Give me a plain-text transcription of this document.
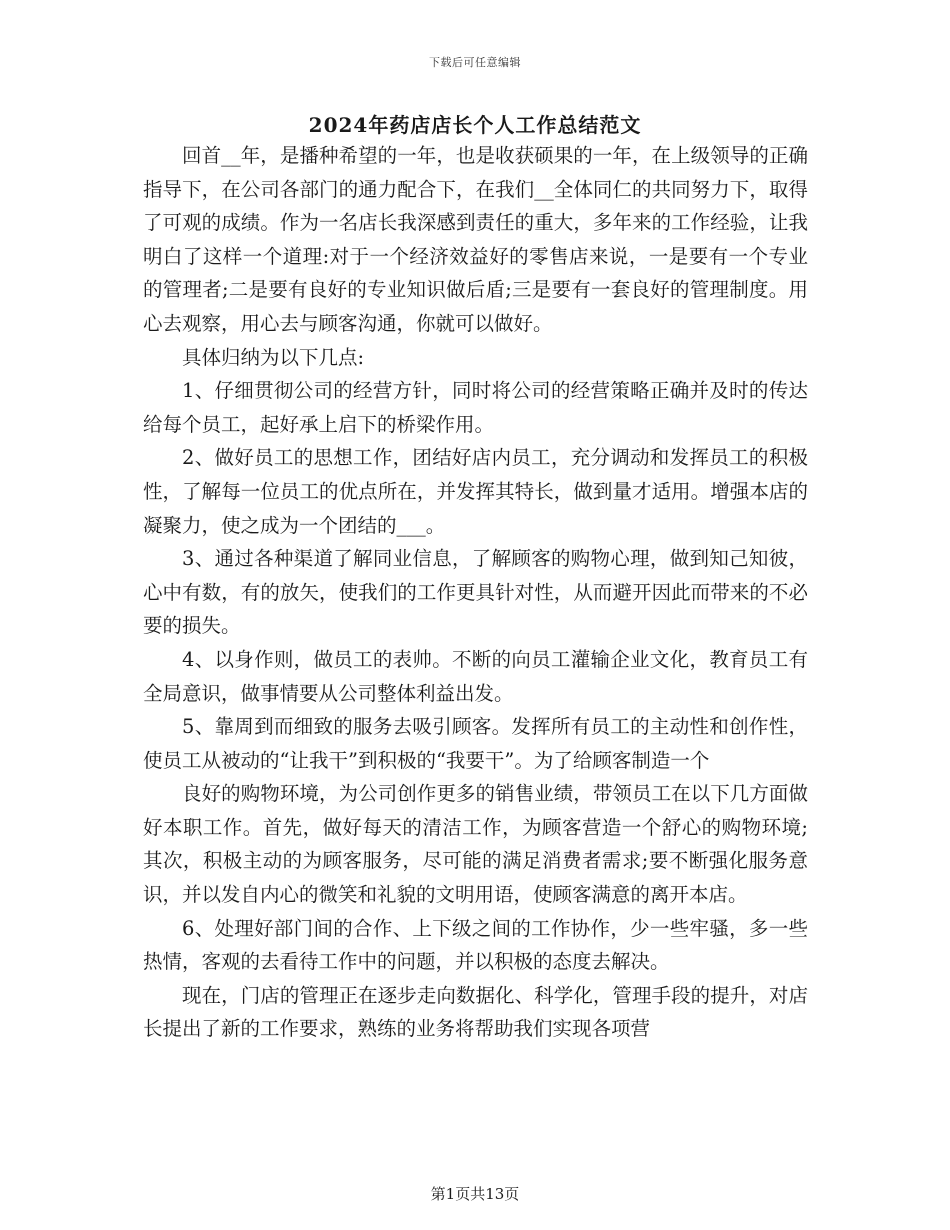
下载后可任意编辑
2024年药店店长个人工作总结范文

回首__年，是播种希望的一年，也是收获硕果的一年，在上级领导的正确指导下，在公司各部门的通力配合下，在我们__全体同仁的共同努力下，取得了可观的成绩。作为一名店长我深感到责任的重大，多年来的工作经验，让我明白了这样一个道理:对于一个经济效益好的零售店来说，一是要有一个专业的管理者;二是要有良好的专业知识做后盾;三是要有一套良好的管理制度。用心去观察，用心去与顾客沟通，你就可以做好。

具体归纳为以下几点:

1、仔细贯彻公司的经营方针，同时将公司的经营策略正确并及时的传达给每个员工，起好承上启下的桥梁作用。

2、做好员工的思想工作，团结好店内员工，充分调动和发挥员工的积极性，了解每一位员工的优点所在，并发挥其特长，做到量才适用。增强本店的凝聚力，使之成为一个团结的___。

3、通过各种渠道了解同业信息，了解顾客的购物心理，做到知己知彼，心中有数，有的放矢，使我们的工作更具针对性，从而避开因此而带来的不必要的损失。

4、以身作则，做员工的表帅。不断的向员工灌输企业文化，教育员工有全局意识，做事情要从公司整体利益出发。

5、靠周到而细致的服务去吸引顾客。发挥所有员工的主动性和创作性，使员工从被动的“让我干”到积极的“我要干”。为了给顾客制造一个

良好的购物环境，为公司创作更多的销售业绩，带领员工在以下几方面做好本职工作。首先，做好每天的清洁工作，为顾客营造一个舒心的购物环境;其次，积极主动的为顾客服务，尽可能的满足消费者需求;要不断强化服务意识，并以发自内心的微笑和礼貌的文明用语，使顾客满意的离开本店。

6、处理好部门间的合作、上下级之间的工作协作，少一些牢骚，多一些热情，客观的去看待工作中的问题，并以积极的态度去解决。

现在，门店的管理正在逐步走向数据化、科学化，管理手段的提升，对店长提出了新的工作要求，熟练的业务将帮助我们实现各项营

第1页共13页
